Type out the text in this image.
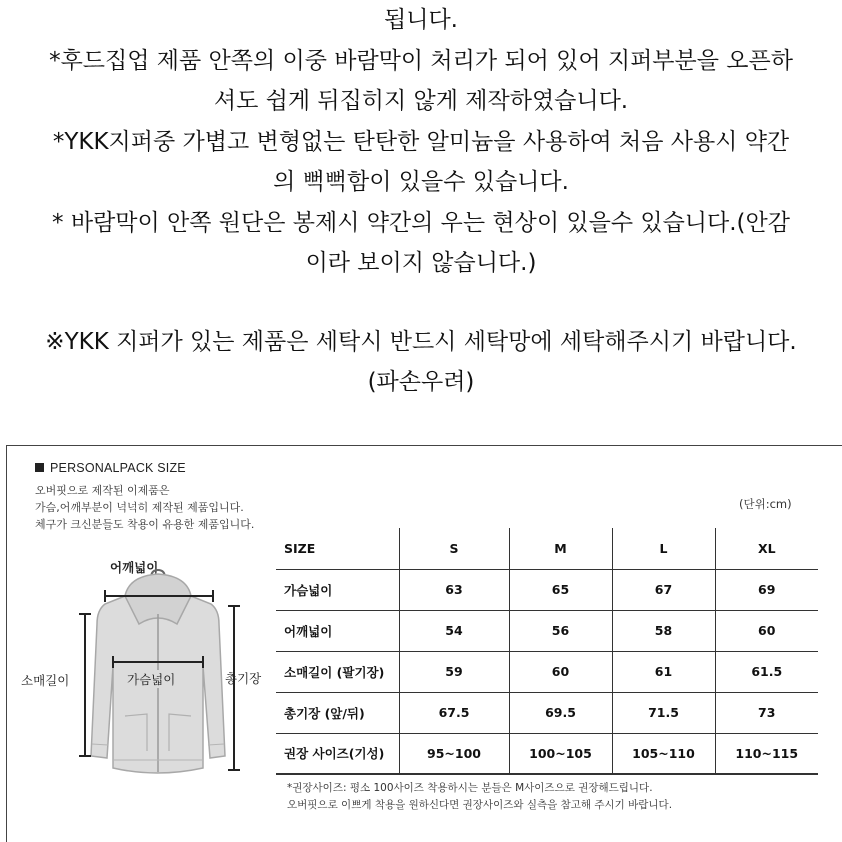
됩니다.
*후드집업 제품 안쪽의 이중 바람막이 처리가 되어 있어 지퍼부분을 오픈하
셔도 쉽게 뒤집히지 않게 제작하였습니다.
*YKK지퍼중 가볍고 변형없는 탄탄한 알미늄을 사용하여 처음 사용시 약간
의 뻑뻑함이 있을수 있습니다.
* 바람막이 안쪽 원단은 봉제시 약간의 우는 현상이 있을수 있습니다.(안감
이라 보이지 않습니다.)
※YKK 지퍼가 있는 제품은 세탁시 반드시 세탁망에 세탁해주시기 바랍니다.
(파손우려)
PERSONALPACK SIZE
오버핏으로 제작된 이제품은
가슴,어깨부분이 넉넉히 제작된 제품입니다.
체구가 크신분들도 착용이 유용한 제품입니다.
(단위:cm)
어깨넓이
소매길이	총기장
가슴넓이
SIZE	S	M	L	XL
가슴넓이	63	65	67	69
어깨넓이	54	56	58	60
소매길이 (팔기장)	59	60	61	61.5
총기장 (앞/뒤)	67.5	69.5	71.5	73
권장 사이즈(기성)	95~100	100~105	105~110	110~115
*권장사이즈: 평소 100사이즈 착용하시는 분들은 M사이즈으로 권장해드립니다.
오버핏으로 이쁘게 착용을 원하신다면 권장사이즈와 실측을 참고해 주시기 바랍니다.
